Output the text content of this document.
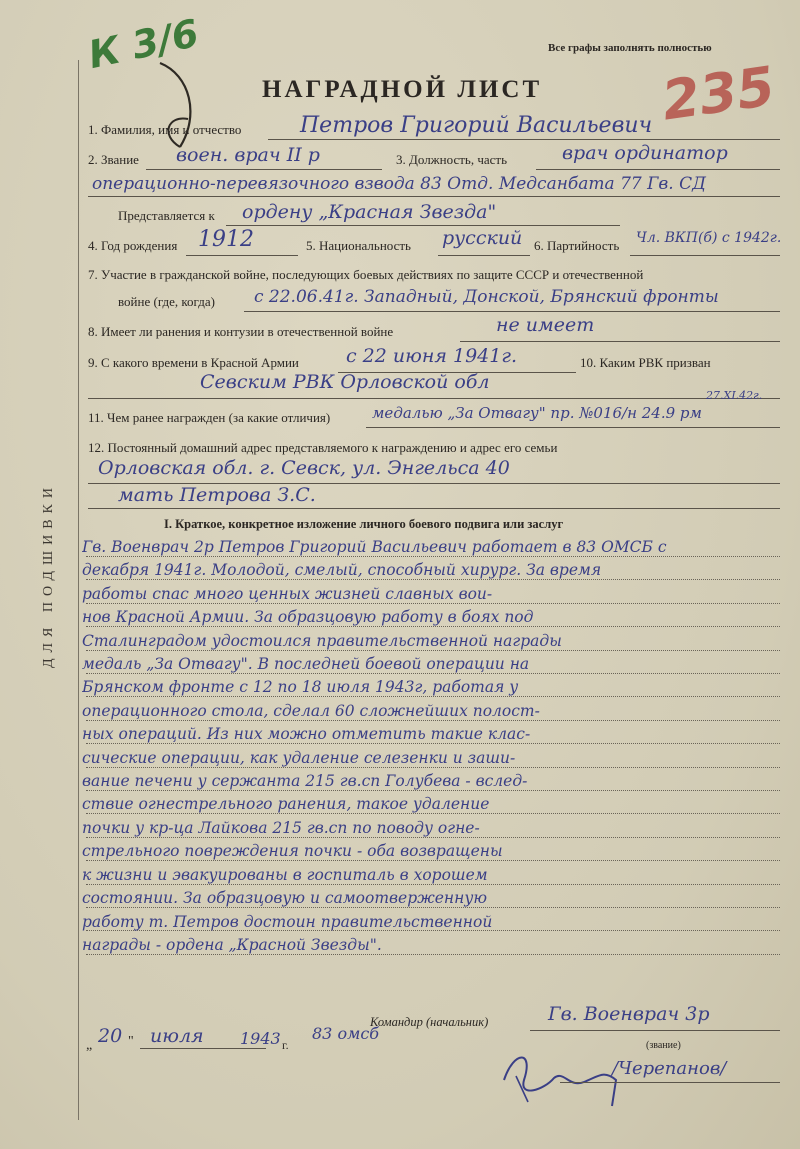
ДЛЯ ПОДШИВКИ
К 3/6
235
Все графы заполнять полностью
НАГРАДНОЙ ЛИСТ
1. Фамилия, имя и отчество	Петров Григорий Васильевич
2. Звание воен. врач II р	3. Должность, часть	врач ординатор
операционно-перевязочного взвода 83 Отд. Медсанбата 77 Гв. СД
Представляется к ордену „Красная Звезда"
4. Год рождения 1912	5. Национальность русский 6. Партийность Чл. ВКП(б) с 1942г.
7. Участие в гражданской войне, последующих боевых действиях по защите СССР и отечественной
войне (где, когда) с 22.06.41г. Западный, Донской, Брянский фронты
8. Имеет ли ранения и контузии в отечественной войне	не имеет
9. С какого времени в Красной Армии с 22 июня 1941г.	10. Каким РВК призван
Севским РВК Орловской обл
11. Чем ранее награжден (за какие отличия)	медалью „За Отвагу" пр. №016/н 24.9 рм
27.XI.42г.
12. Постоянный домашний адрес представляемого к награждению и адрес его семьи
Орловская обл. г. Севск, ул. Энгельса 40
мать Петрова З.С.
I. Краткое, конкретное изложение личного боевого подвига или заслуг
Гв. Военврач 2р Петров Григорий Васильевич работает в 83 ОМСБ с
декабря 1941г. Молодой, смелый, способный хирург. За время
работы спас много ценных жизней славных вои-
нов Красной Армии. За образцовую работу в боях под
Сталинградом удостоился правительственной награды
медаль „За Отвагу". В последней боевой операции на
Брянском фронте с 12 по 18 июля 1943г, работая у
операционного стола, сделал 60 сложнейших полост-
ных операций. Из них можно отметить такие клас-
сические операции, как удаление селезенки и заши-
вание печени у сержанта 215 гв.сп Голубева - вслед-
ствие огнестрельного ранения, такое удаление
почки у кр-ца Лайкова 215 гв.сп по поводу огне-
стрельного повреждения почки - оба возвращены
к жизни и эвакуированы в госпиталь в хорошем
состоянии. За образцовую и самоотверженную
работу т. Петров достоин правительственной
награды - ордена „Красной Звезды".
Командир (начальник)	Гв. Военврач 3р
„ 20 " июля 1943 г.
83 омсб
(звание)
/Черепанов/
